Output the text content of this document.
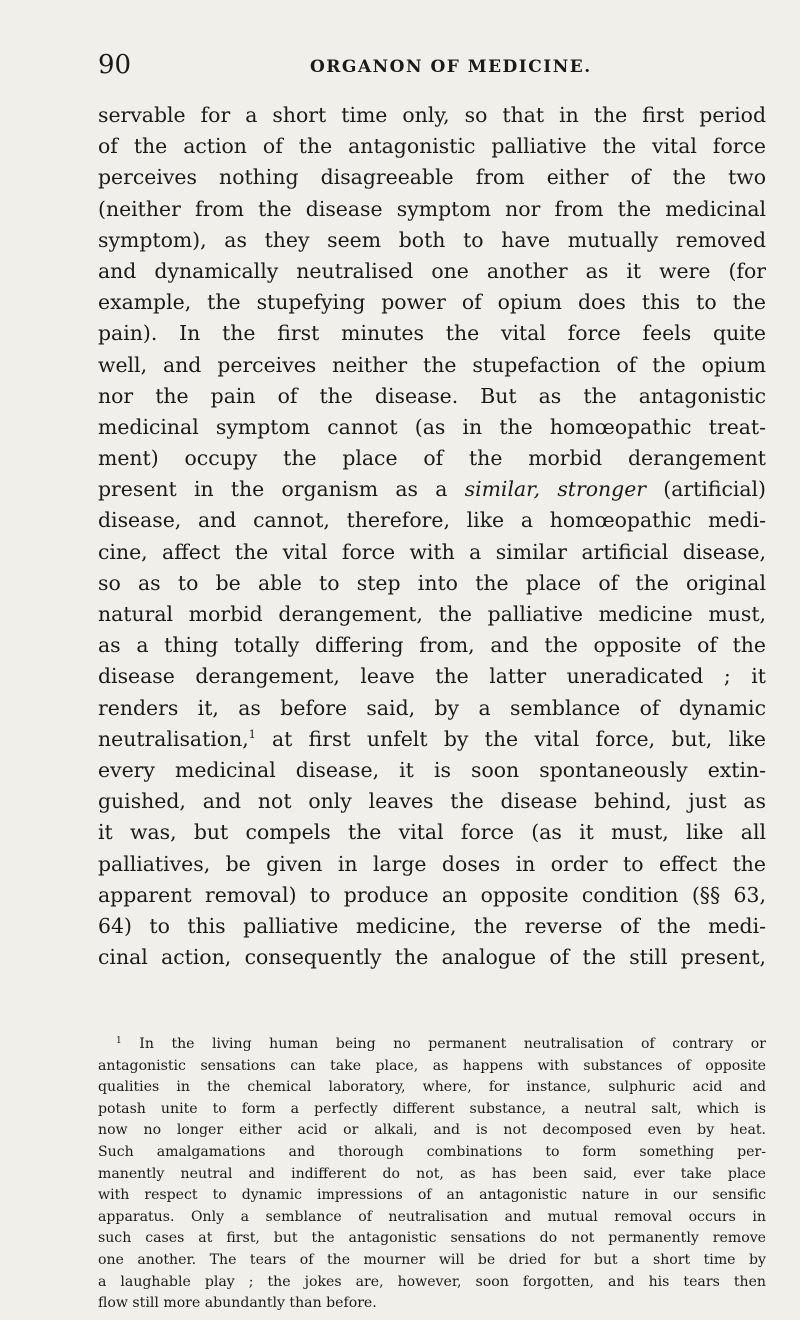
90	ORGANON OF MEDICINE.
servable for a short time only, so that in the first period
of the action of the antagonistic palliative the vital force
perceives nothing disagreeable from either of the two
(neither from the disease symptom nor from the medicinal
symptom), as they seem both to have mutually removed
and dynamically neutralised one another as it were (for
example, the stupefying power of opium does this to the
pain). In the first minutes the vital force feels quite
well, and perceives neither the stupefaction of the opium
nor the pain of the disease. But as the antagonistic
medicinal symptom cannot (as in the homœopathic treat-
ment) occupy the place of the morbid derangement
present in the organism as a similar, stronger (artificial)
disease, and cannot, therefore, like a homœopathic medi-
cine, affect the vital force with a similar artificial disease,
so as to be able to step into the place of the original
natural morbid derangement, the palliative medicine must,
as a thing totally differing from, and the opposite of the
disease derangement, leave the latter uneradicated ; it
renders it, as before said, by a semblance of dynamic
neutralisation,$^1$ at first unfelt by the vital force, but, like
every medicinal disease, it is soon spontaneously extin-
guished, and not only leaves the disease behind, just as
it was, but compels the vital force (as it must, like all
palliatives, be given in large doses in order to effect the
apparent removal) to produce an opposite condition (§§ 63,
64) to this palliative medicine, the reverse of the medi-
cinal action, consequently the analogue of the still present,
$^1$ In the living human being no permanent neutralisation of contrary or
antagonistic sensations can take place, as happens with substances of opposite
qualities in the chemical laboratory, where, for instance, sulphuric acid and
potash unite to form a perfectly different substance, a neutral salt, which is
now no longer either acid or alkali, and is not decomposed even by heat.
Such amalgamations and thorough combinations to form something per-
manently neutral and indifferent do not, as has been said, ever take place
with respect to dynamic impressions of an antagonistic nature in our sensific
apparatus. Only a semblance of neutralisation and mutual removal occurs in
such cases at first, but the antagonistic sensations do not permanently remove
one another. The tears of the mourner will be dried for but a short time by
a laughable play ; the jokes are, however, soon forgotten, and his tears then
flow still more abundantly than before.
